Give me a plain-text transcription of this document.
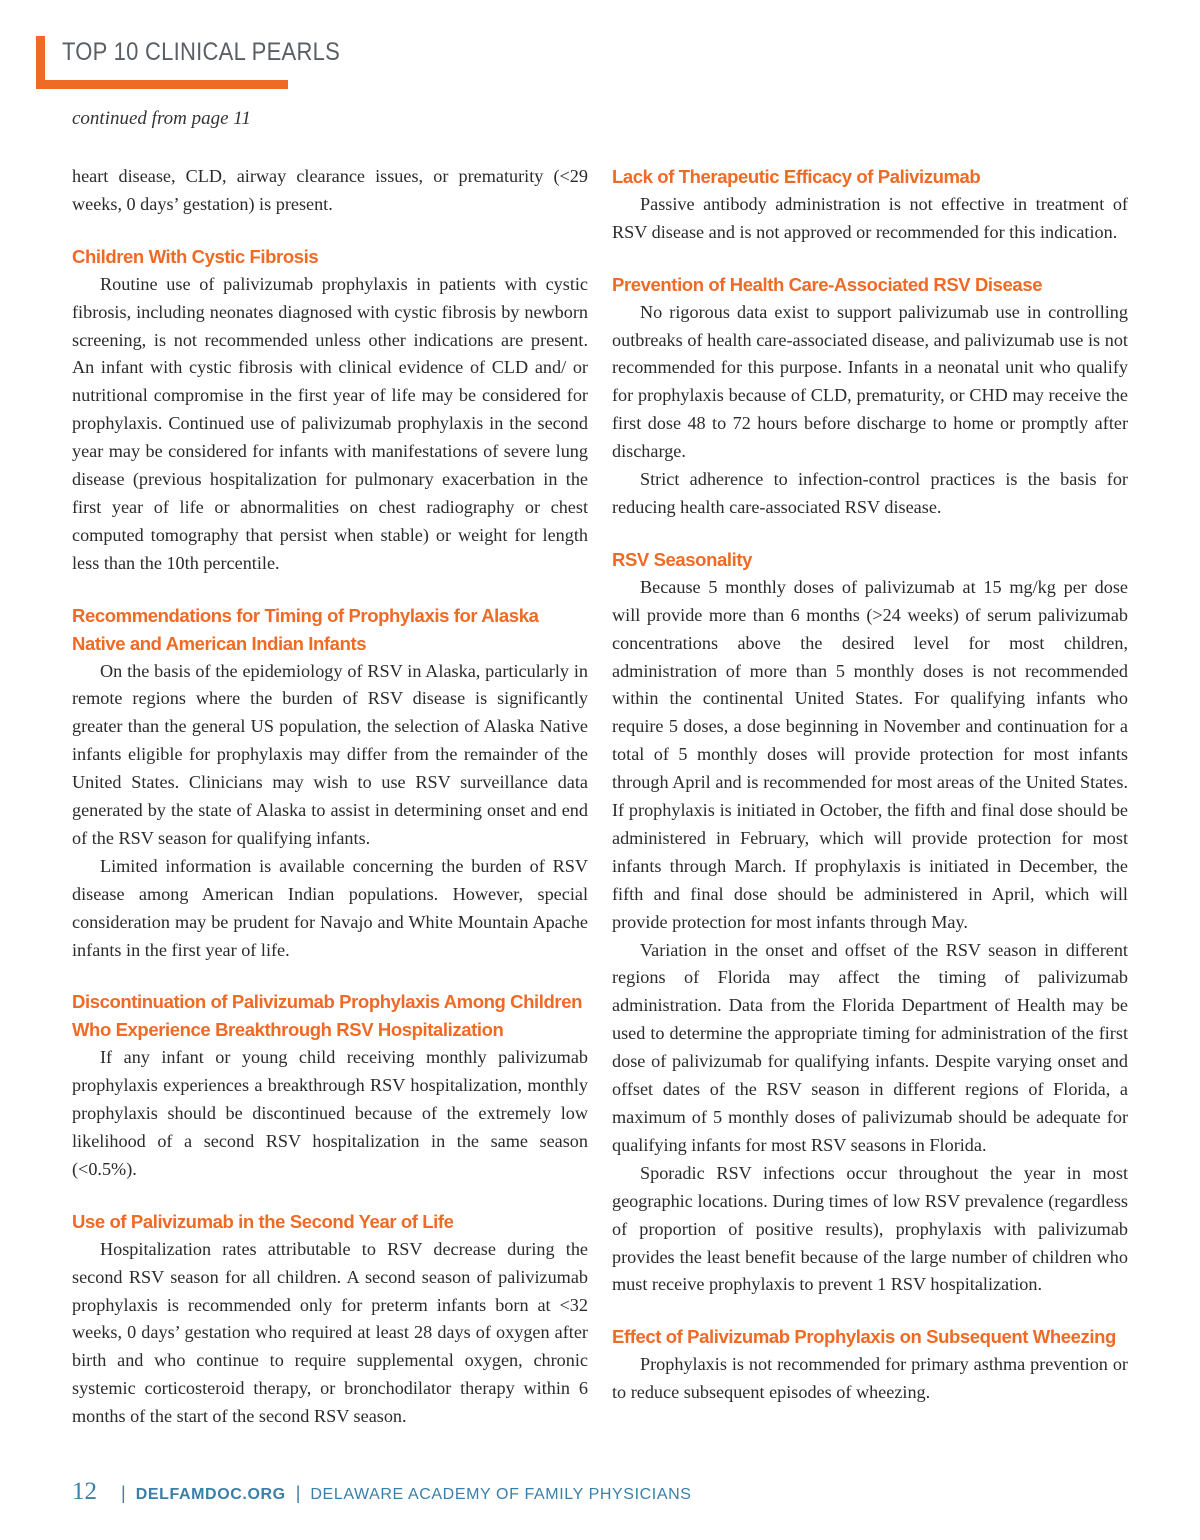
TOP 10 CLINICAL PEARLS
continued from page 11

heart disease, CLD, airway clearance issues, or prematurity (<29 weeks, 0 days’ gestation) is present.

Children With Cystic Fibrosis

Routine use of palivizumab prophylaxis in patients with cystic fibrosis, including neonates diagnosed with cystic fibrosis by newborn screening, is not recommended unless other indications are present. An infant with cystic fibrosis with clinical evidence of CLD and/ or nutritional compromise in the first year of life may be considered for prophylaxis. Continued use of palivizumab prophylaxis in the second year may be considered for infants with manifestations of severe lung disease (previous hospitalization for pulmonary exacerbation in the first year of life or abnormalities on chest radiography or chest computed tomography that persist when stable) or weight for length less than the 10th percentile.

Recommendations for Timing of Prophylaxis for Alaska Native and American Indian Infants

On the basis of the epidemiology of RSV in Alaska, particularly in remote regions where the burden of RSV disease is significantly greater than the general US population, the selection of Alaska Native infants eligible for prophylaxis may differ from the remainder of the United States. Clinicians may wish to use RSV surveillance data generated by the state of Alaska to assist in determining onset and end of the RSV season for qualifying infants.

Limited information is available concerning the burden of RSV disease among American Indian populations. However, special consideration may be prudent for Navajo and White Mountain Apache infants in the first year of life.

Discontinuation of Palivizumab Prophylaxis Among Children Who Experience Breakthrough RSV Hospitalization

If any infant or young child receiving monthly palivizumab prophylaxis experiences a breakthrough RSV hospitalization, monthly prophylaxis should be discontinued because of the extremely low likelihood of a second RSV hospitalization in the same season (<0.5%).

Use of Palivizumab in the Second Year of Life

Hospitalization rates attributable to RSV decrease during the second RSV season for all children. A second season of palivizumab prophylaxis is recommended only for preterm infants born at <32 weeks, 0 days’ gestation who required at least 28 days of oxygen after birth and who continue to require supplemental oxygen, chronic systemic corticosteroid therapy, or bronchodilator therapy within 6 months of the start of the second RSV season.

Lack of Therapeutic Efficacy of Palivizumab

Passive antibody administration is not effective in treatment of RSV disease and is not approved or recommended for this indication.

Prevention of Health Care-Associated RSV Disease

No rigorous data exist to support palivizumab use in controlling outbreaks of health care-associated disease, and palivizumab use is not recommended for this purpose. Infants in a neonatal unit who qualify for prophylaxis because of CLD, prematurity, or CHD may receive the first dose 48 to 72 hours before discharge to home or promptly after discharge.

Strict adherence to infection-control practices is the basis for reducing health care-associated RSV disease.

RSV Seasonality

Because 5 monthly doses of palivizumab at 15 mg/kg per dose will provide more than 6 months (>24 weeks) of serum palivizumab concentrations above the desired level for most children, administration of more than 5 monthly doses is not recommended within the continental United States. For qualifying infants who require 5 doses, a dose beginning in November and continuation for a total of 5 monthly doses will provide protection for most infants through April and is recommended for most areas of the United States. If prophylaxis is initiated in October, the fifth and final dose should be administered in February, which will provide protection for most infants through March. If prophylaxis is initiated in December, the fifth and final dose should be administered in April, which will provide protection for most infants through May.

Variation in the onset and offset of the RSV season in different regions of Florida may affect the timing of palivizumab administration. Data from the Florida Department of Health may be used to determine the appropriate timing for administration of the first dose of palivizumab for qualifying infants. Despite varying onset and offset dates of the RSV season in different regions of Florida, a maximum of 5 monthly doses of palivizumab should be adequate for qualifying infants for most RSV seasons in Florida.

Sporadic RSV infections occur throughout the year in most geographic locations. During times of low RSV prevalence (regardless of proportion of positive results), prophylaxis with palivizumab provides the least benefit because of the large number of children who must receive prophylaxis to prevent 1 RSV hospitalization.

Effect of Palivizumab Prophylaxis on Subsequent Wheezing

Prophylaxis is not recommended for primary asthma prevention or to reduce subsequent episodes of wheezing.

12 | DELFAMDOC.ORG | DELAWARE ACADEMY OF FAMILY PHYSICIANS
